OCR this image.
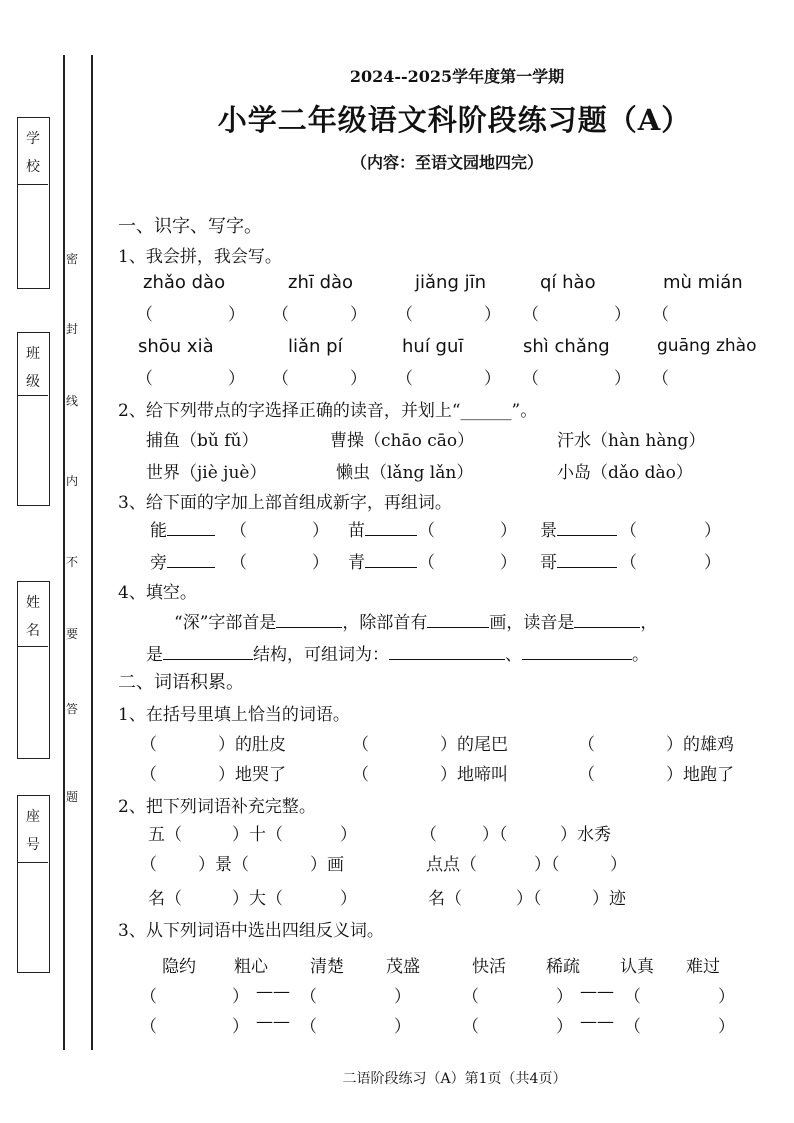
学
校
班
级
姓
名
座
号
密
封
线
内
不
要
答
题
2024--2025学年度第一学期
小学二年级语文科阶段练习题（A）
（内容：至语文园地四完）
一、识字、写字。
1、我会拼，我会写。
zhǎo dào	zhī dào	jiǎng jīn	qí hào	mù mián
（	） （	） （	） （	） （
shōu xià	liǎn pí	huí guī	shì chǎng	guāng zhào
（	） （	） （	） （	） （
2、给下列带点的字选择正确的读音，并划上“______”。
捕鱼（bǔ fǔ）	曹操（chāo cāo）	汗水（hàn hàng）
世界（jiè juè）	懒虫（lǎng lǎn）	小岛（dǎo dào）
3、给下面的字加上部首组成新字，再组词。
能	（	） 苗	（	） 景	（	）
旁	（	） 青	（	） 哥	（	）
4、填空。
“深”字部首是	，除部首有	画，读音是	，
是	结构，可组词为：	、	。
二、词语积累。
1、在括号里填上恰当的词语。
（	）的肚皮	（	）的尾巴	（	）的雄鸡
（	）地哭了	（	）地啼叫	（	）地跑了
2、把下列词语补充完整。
五（	）十（	）	（	）（	）水秀
（ ）景（	）画	点点（	）（	）
名（	）大（	）	名（	）（	）迹
3、从下列词语中选出四组反义词。
隐约 粗心 清楚 茂盛	快活 稀疏 认真 难过
（	） —— （	）	（	） —— （	）
（	） —— （	）	（	） —— （	）
二语阶段练习（A）第1页（共4页）
